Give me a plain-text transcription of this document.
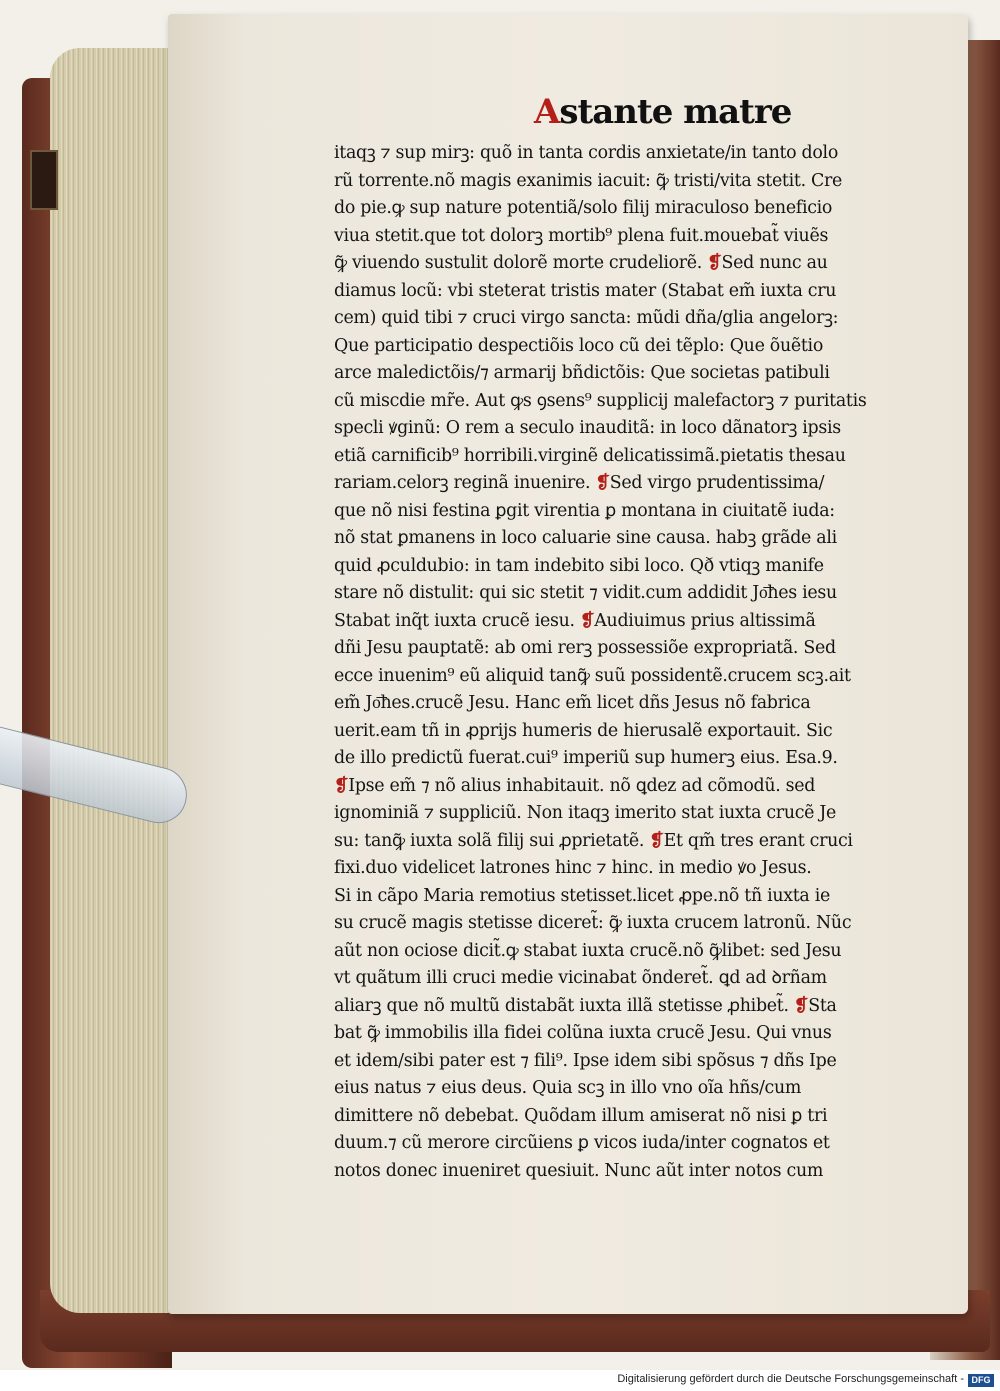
Astante matre
itaqꝫ ⁊ sup mirꝫ: quõ in tanta cordis anxietate/in tanto dolo
rũ torrente.nõ magis exanimis iacuit: ꝙ̃ tristi/vita stetit. Cre
do pie.ꝙ sup nature potentiã/solo filij miraculoso beneficio
viua stetit.que tot dolorꝫ mortib⁹ plena fuit.mouebat̃ viuẽs
ꝙ̃ viuendo sustulit dolorẽ morte crudeliorẽ. ❡Sed nunc au
diamus locũ: vbi steterat tristis mater (Stabat em̃ iuxta cru
cem) quid tibi ⁊ cruci virgo sancta: mũdi dña/glia angelorꝫ:
Que participatio despectiõis loco cũ dei tẽplo: Que õuẽtio
arce maledictõis/⁊ armarij bñdictõis: Que societas patibuli
cũ miscdie mr̃e. Aut ꝙs ꝯsens⁹ supplicij malefactorꝫ ⁊ puritatis
specli ꝟginũ: O rem a seculo inauditã: in loco dãnatorꝫ ipsis
etiã carnificib⁹ horribili.virginẽ delicatissimã.pietatis thesau
rariam.celorꝫ reginã inuenire. ❡Sed virgo prudentissima/
que nõ nisi festina ꝑgit virentia ꝑ montana in ciuitatẽ iuda:
nõ stat ꝑmanens in loco caluarie sine causa. habꝫ grãde ali
quid ꝓculdubio: in tam indebito sibi loco. Qð vtiqꝫ manife
stare nõ distulit: qui sic stetit ⁊ vidit.cum addidit Jo͞hes iesu
Stabat inq̃t iuxta crucẽ iesu. ❡Audiuimus prius altissimã
dñi Jesu pauptatẽ: ab omi rerꝫ possessiõe expropriatã. Sed
ecce inuenim⁹ eũ aliquid tanꝙ̃ suũ possidentẽ.crucem scꝫ.ait
em̃ Jo͞hes.crucẽ Jesu. Hanc em̃ licet dñs Jesus nõ fabrica
uerit.eam tñ in ꝓprijs humeris de hierusalẽ exportauit. Sic
de illo predictũ fuerat.cui⁹ imperiũ sup humerꝫ eius. Esa.9.
❡Ipse em̃ ⁊ nõ alius inhabitauit. nõ ꝗdez ad cõmodũ. sed
ignominiã ⁊ suppliciũ. Non itaqꝫ imerito stat iuxta crucẽ Je
su: tanꝙ̃ iuxta solã filij sui ꝓprietatẽ. ❡Et qm̃ tres erant cruci
fixi.duo videlicet latrones hinc ⁊ hinc. in medio ꝟo Jesus.
Si in cãpo Maria remotius stetisset.licet ꝓpe.nõ tñ iuxta ie
su crucẽ magis stetisse diceret̃: ꝙ̃ iuxta crucem latronũ. Nũc
aũt non ociose dicit̃.ꝙ stabat iuxta crucẽ.nõ ꝙ̃libet: sed Jesu
vt quãtum illi cruci medie vicinabat õnderet̃. ꝗd ad ꝺrñam
aliarꝫ que nõ multũ distabãt iuxta illã stetisse ꝓhibet̃. ❡Sta
bat ꝙ̃ immobilis illa fidei colũna iuxta crucẽ Jesu. Qui vnus
et idem/sibi pater est ⁊ fili⁹. Ipse idem sibi spõsus ⁊ dñs Ipe
eius natus ⁊ eius deus. Quia scꝫ in illo vno oĩa hñs/cum
dimittere nõ debebat. Quõdam illum amiserat nõ nisi ꝑ tri
duum.⁊ cũ merore circũiens ꝑ vicos iuda/inter cognatos et
notos donec inueniret quesiuit. Nunc aũt inter notos cum
Digitalisierung gefördert durch die Deutsche Forschungsgemeinschaft - DFG
